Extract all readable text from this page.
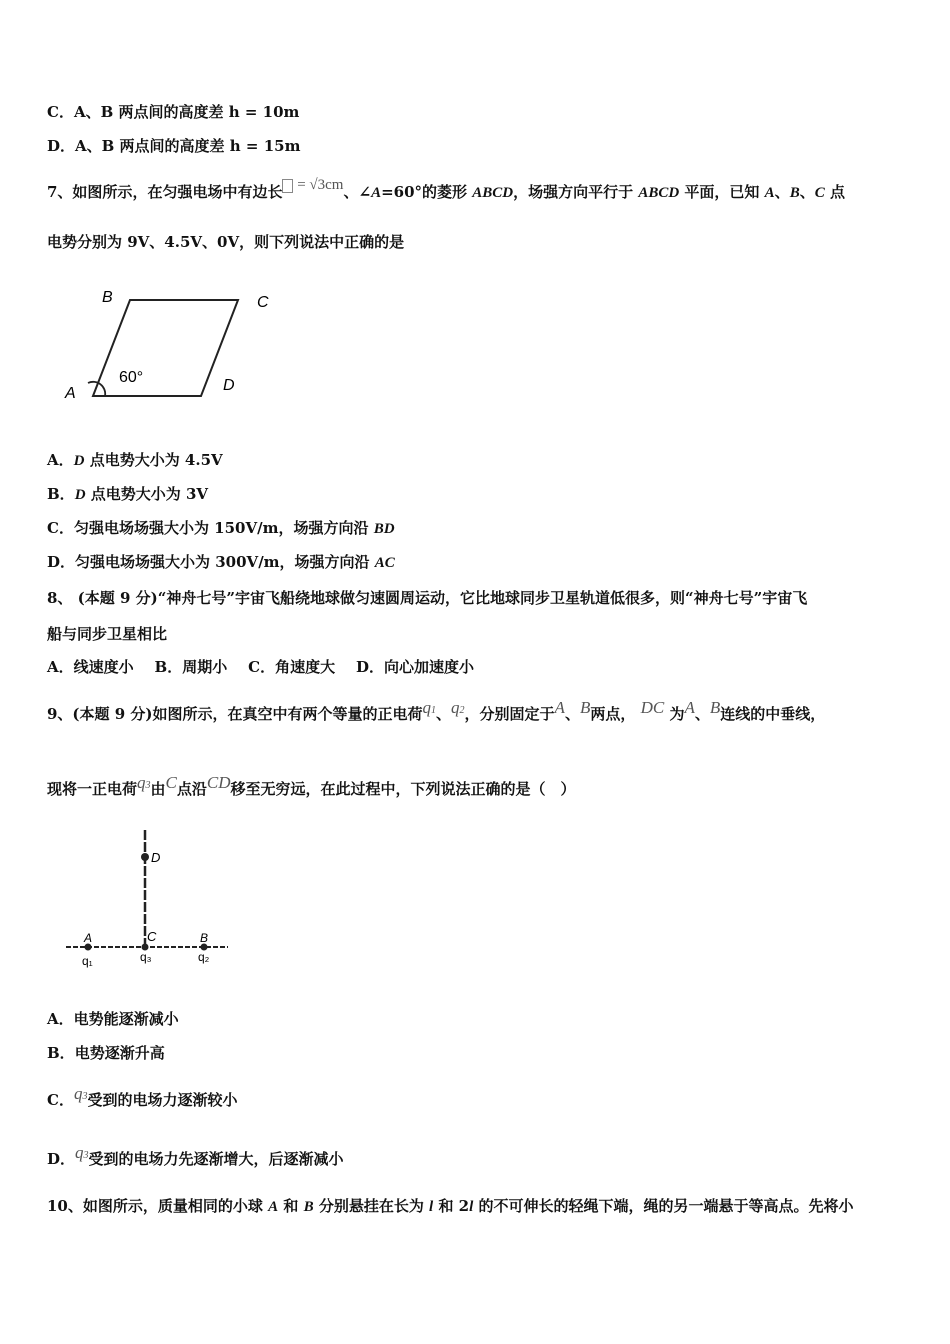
C．A、B 两点间的高度差 h = 10m
D．A、B 两点间的高度差 h = 15m
7、如图所示，在匀强电场中有边长 = √3cm、∠A=60°的菱形 ABCD，场强方向平行于 ABCD 平面，已知 A、B、C 点
电势分别为 9V、4.5V、0V，则下列说法中正确的是
B	C
A	D
60°
A．D 点电势大小为 4.5V
B．D 点电势大小为 3V
C．匀强电场场强大小为 150V/m，场强方向沿 BD
D．匀强电场场强大小为 300V/m，场强方向沿 AC
8、 (本题 9 分)“神舟七号”宇宙飞船绕地球做匀速圆周运动，它比地球同步卫星轨道低很多，则“神舟七号”宇宙飞
船与同步卫星相比
A．线速度小 B．周期小 C．角速度大 D．向心加速度小
9、(本题 9 分)如图所示，在真空中有两个等量的正电荷q1、q2，分别固定于A、B两点， DC 为A、B连线的中垂线，
现将一正电荷q3由C点沿CD移至无穷远，在此过程中，下列说法正确的是（　）
D
A	C	B
q₁	q₃	q₂
A．电势能逐渐减小
B．电势逐渐升高
C．q3受到的电场力逐渐较小
D．q3受到的电场力先逐渐增大，后逐渐减小
10、如图所示，质量相同的小球 A 和 B 分别悬挂在长为 l 和 2l 的不可伸长的轻绳下端，绳的另一端悬于等高点。先将小
